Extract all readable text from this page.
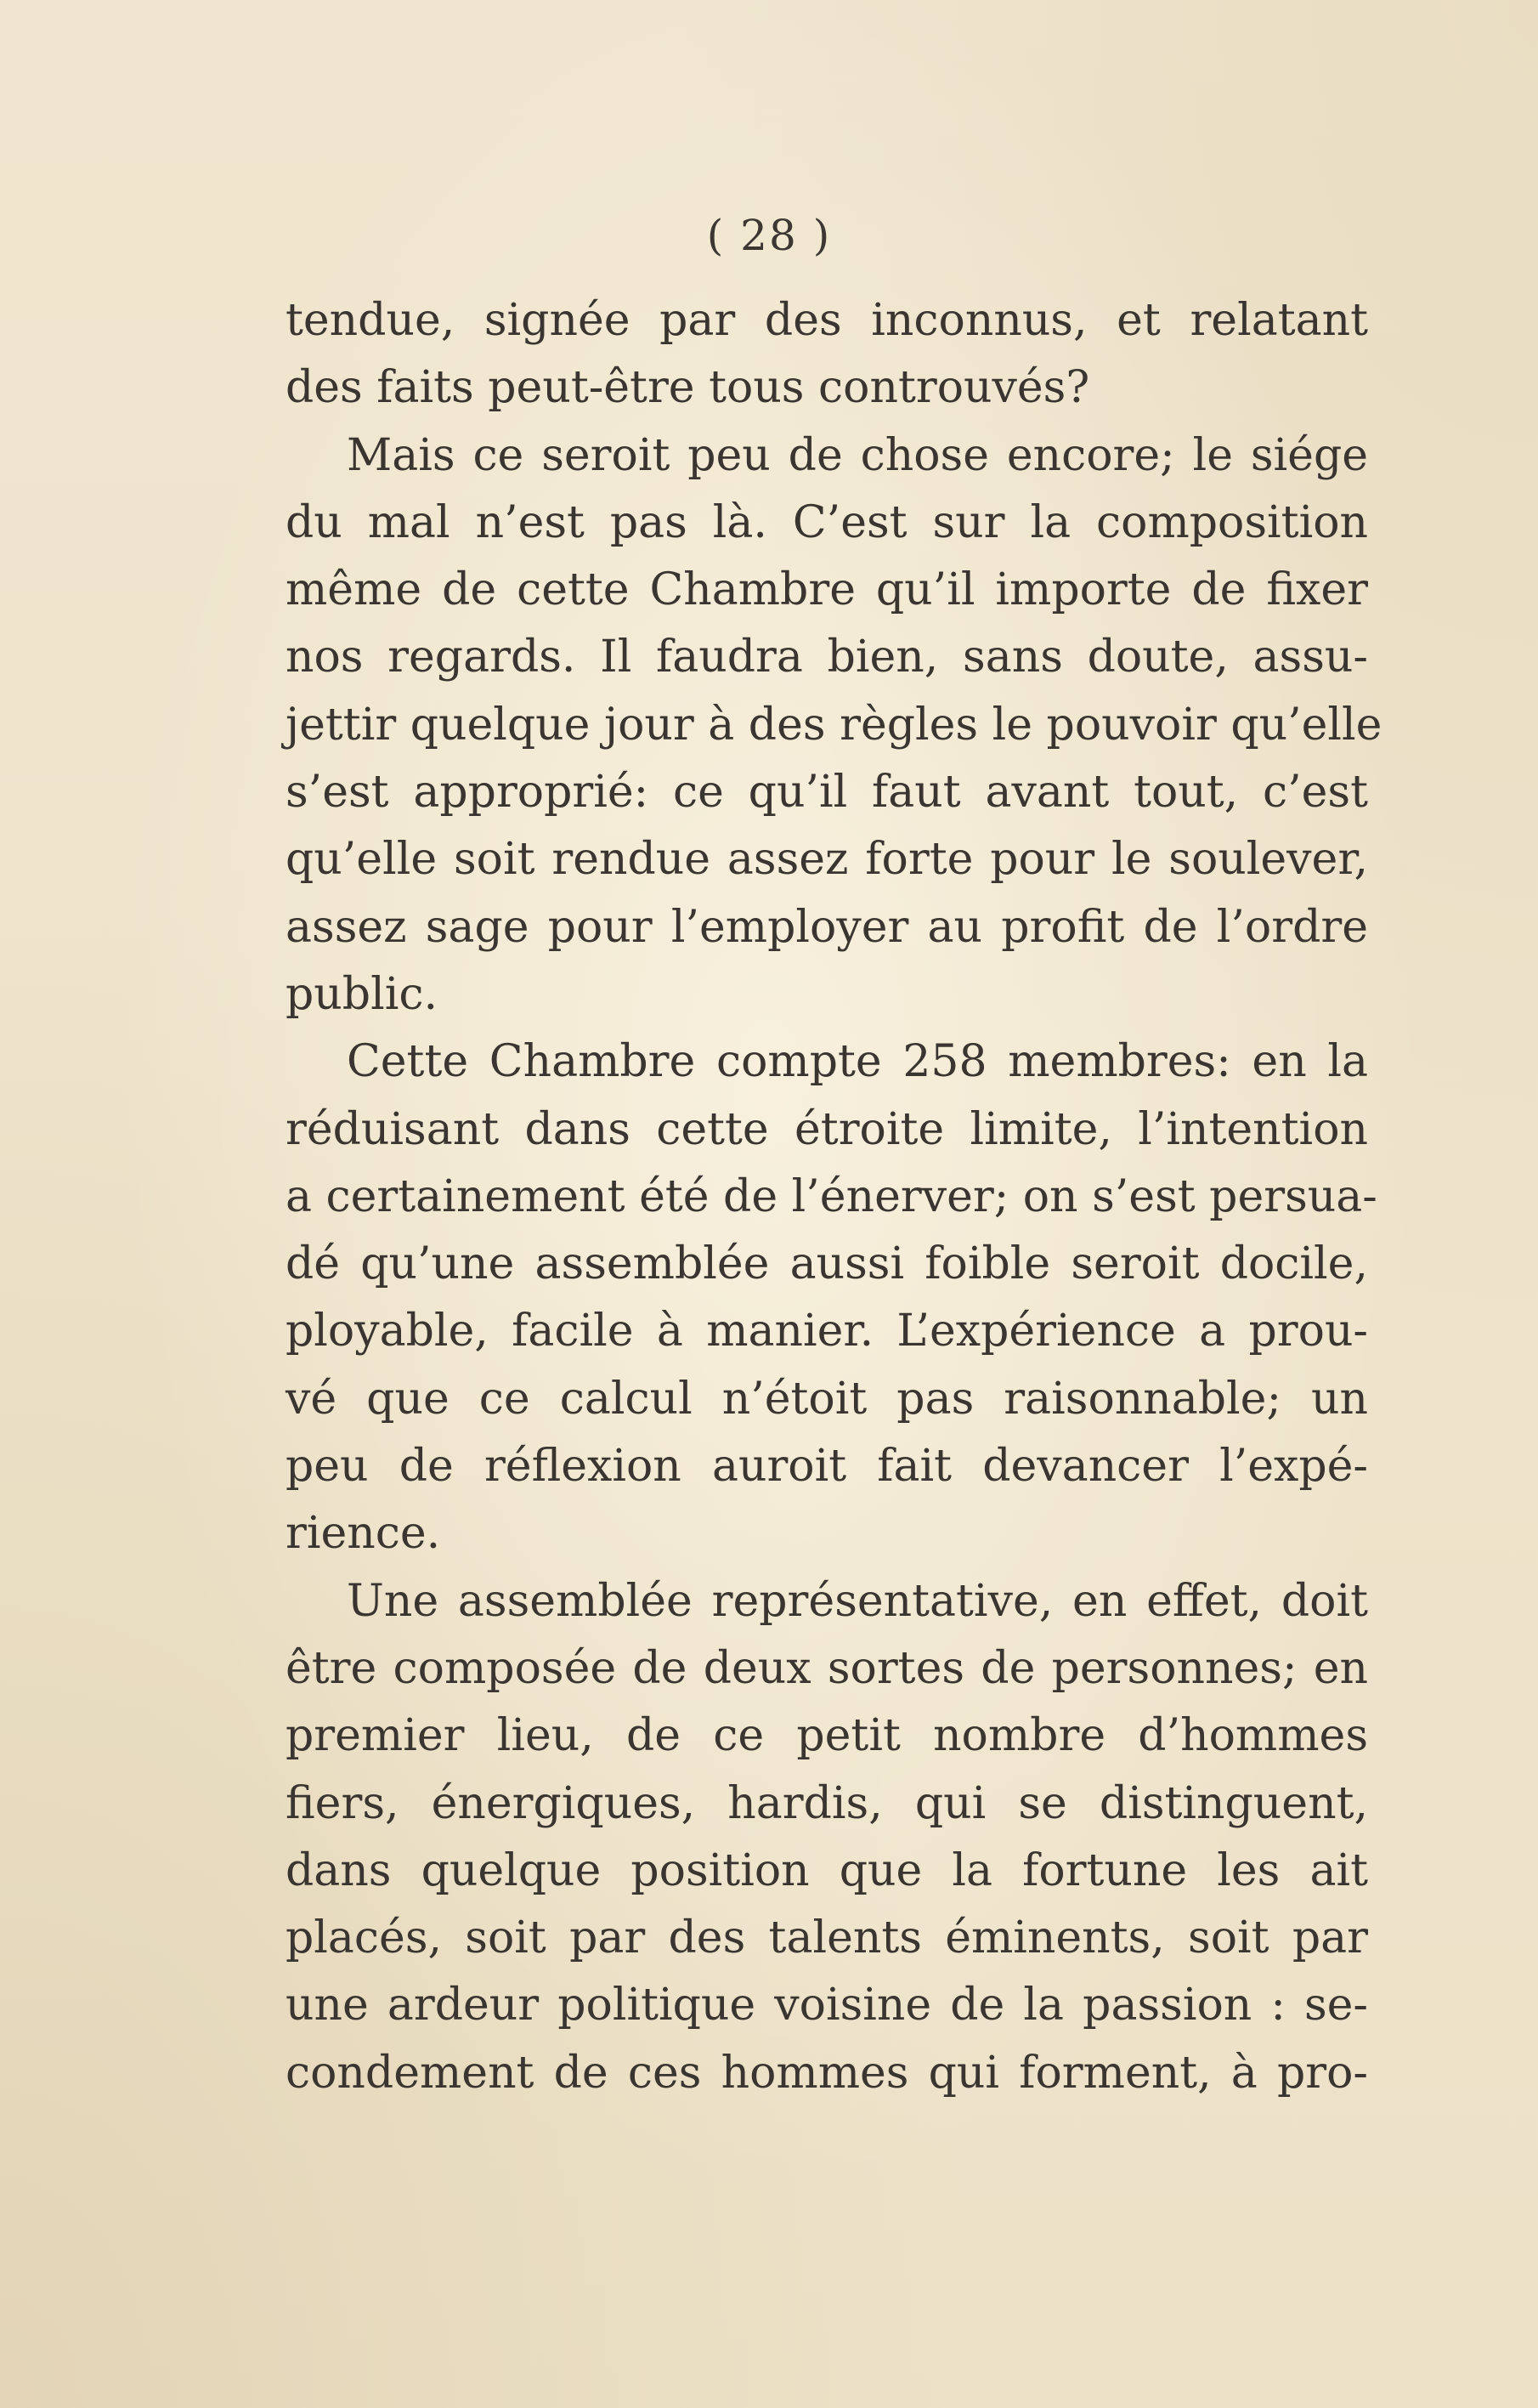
( 28 )
tendue, signée par des inconnus, et relatant
des faits peut-être tous controuvés?
Mais ce seroit peu de chose encore; le siége
du mal n’est pas là. C’est sur la composition
même de cette Chambre qu’il importe de fixer
nos regards. Il faudra bien, sans doute, assu-
jettir quelque jour à des règles le pouvoir qu’elle
s’est approprié: ce qu’il faut avant tout, c’est
qu’elle soit rendue assez forte pour le soulever,
assez sage pour l’employer au profit de l’ordre
public.
Cette Chambre compte 258 membres: en la
réduisant dans cette étroite limite, l’intention
a certainement été de l’énerver; on s’est persua-
dé qu’une assemblée aussi foible seroit docile,
ployable, facile à manier. L’expérience a prou-
vé que ce calcul n’étoit pas raisonnable; un
peu de réflexion auroit fait devancer l’expé-
rience.
Une assemblée représentative, en effet, doit
être composée de deux sortes de personnes; en
premier lieu, de ce petit nombre d’hommes
fiers, énergiques, hardis, qui se distinguent,
dans quelque position que la fortune les ait
placés, soit par des talents éminents, soit par
une ardeur politique voisine de la passion : se-
condement de ces hommes qui forment, à pro-
